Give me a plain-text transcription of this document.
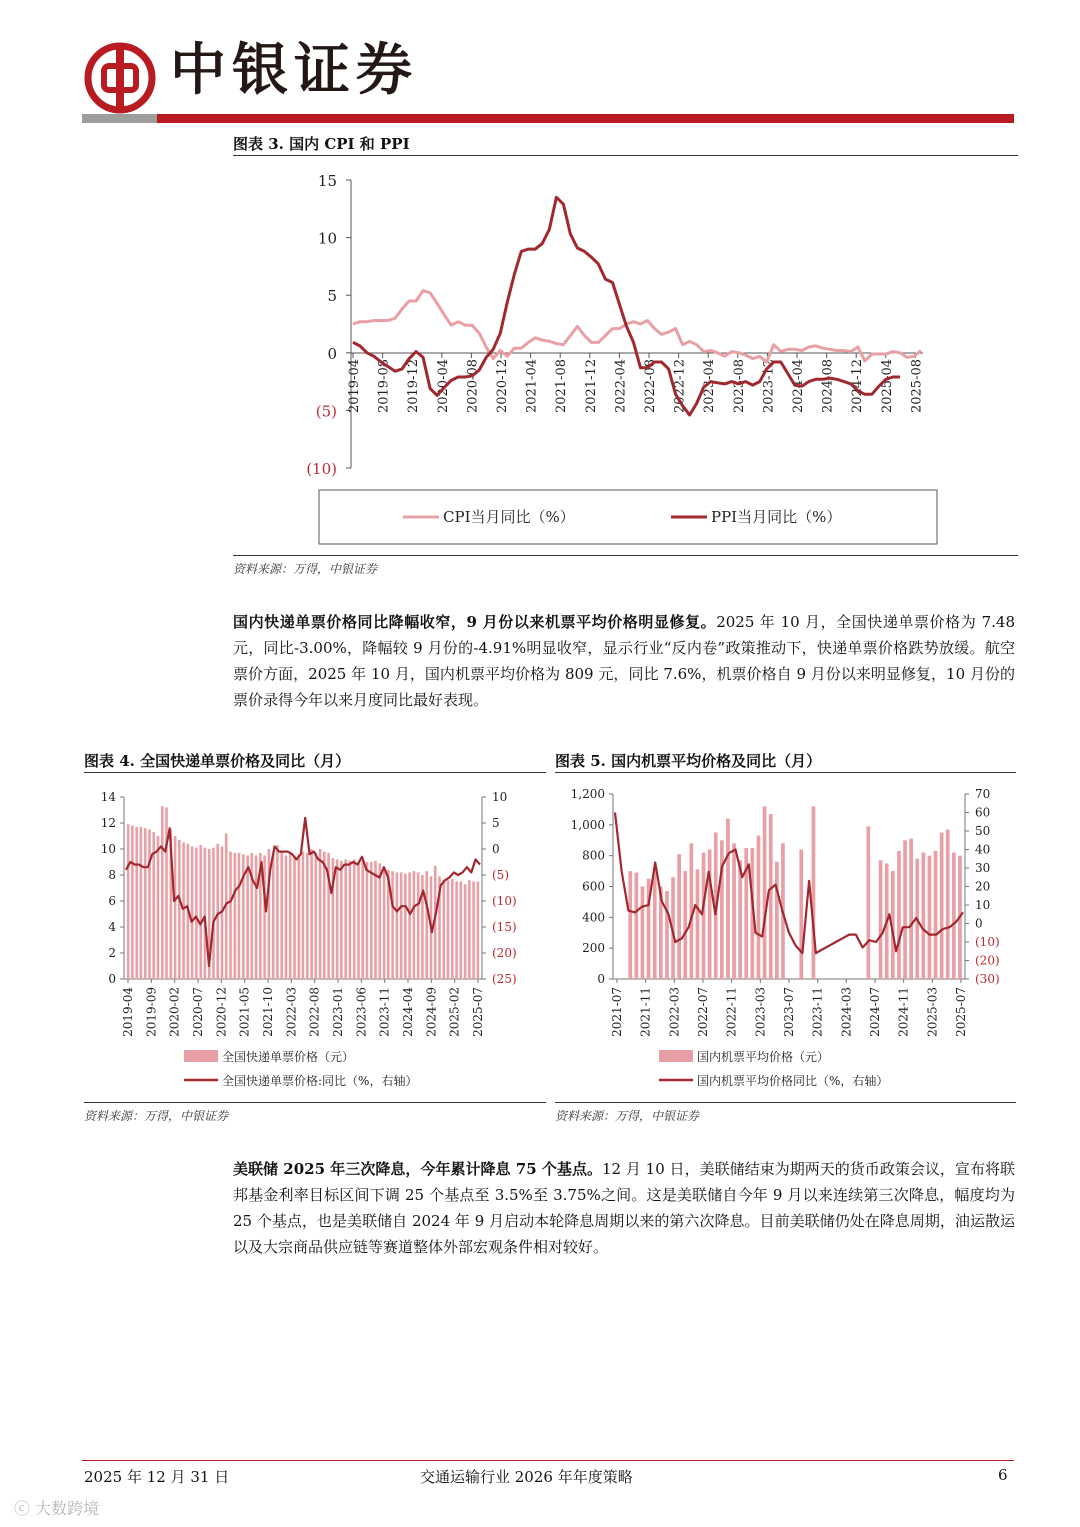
中银证券
图表 3. 国内 CPI 和 PPI
15
10
5
0
(5)
(10)
2019-04 2019-08 2019-12 2020-04 2020-08 2020-12 2021-04 2021-08 2021-12 2022-04 2022-08 2022-12 2023-04 2023-08 2023-12 2024-04 2024-08 2024-12 2025-04 2025-08
CPI当月同比（%）	PPI当月同比（%）
资料来源：万得，中银证券
国内快递单票价格同比降幅收窄，9 月份以来机票平均价格明显修复。2025 年 10 月，全国快递单票价格为 7.48 元，同比-3.00%，降幅较 9 月份的-4.91%明显收窄，显示行业“反内卷”政策推动下，快递单票价格跌势放缓。航空票价方面，2025 年 10 月，国内机票平均价格为 809 元，同比 7.6%，机票价格自 9 月份以来明显修复，10 月份的票价录得今年以来月度同比最好表现。
图表 4. 全国快递单票价格及同比（月）
14
12
10
8
6
4
2
0
10
5
0
(5)
(10)
(15)
(20)
(25)
2019-04 2019-09 2020-02 2020-07 2020-12 2021-05 2021-10 2022-03 2022-08 2023-01 2023-06 2023-11 2024-04 2024-09 2025-02 2025-07
全国快递单票价格（元）
全国快递单票价格:同比（%，右轴）
资料来源：万得，中银证券
图表 5. 国内机票平均价格及同比（月）
1,200
1,000
800
600
400
200
0
70
60
50
40
30
20
10
0
(10)
(20)
(30)
2021-07 2021-11 2022-03 2022-07 2022-11 2023-03 2023-07 2023-11 2024-03 2024-07 2024-11 2025-03 2025-07
国内机票平均价格（元）
国内机票平均价格同比（%，右轴）
资料来源：万得，中银证券
美联储 2025 年三次降息，今年累计降息 75 个基点。12 月 10 日，美联储结束为期两天的货币政策会议，宣布将联邦基金利率目标区间下调 25 个基点至 3.5%至 3.75%之间。这是美联储自今年 9 月以来连续第三次降息，幅度均为 25 个基点，也是美联储自 2024 年 9 月启动本轮降息周期以来的第六次降息。目前美联储仍处在降息周期，油运散运以及大宗商品供应链等赛道整体外部宏观条件相对较好。
2025 年 12 月 31 日	交通运输行业 2026 年年度策略	6
ⓒ 大数跨境
